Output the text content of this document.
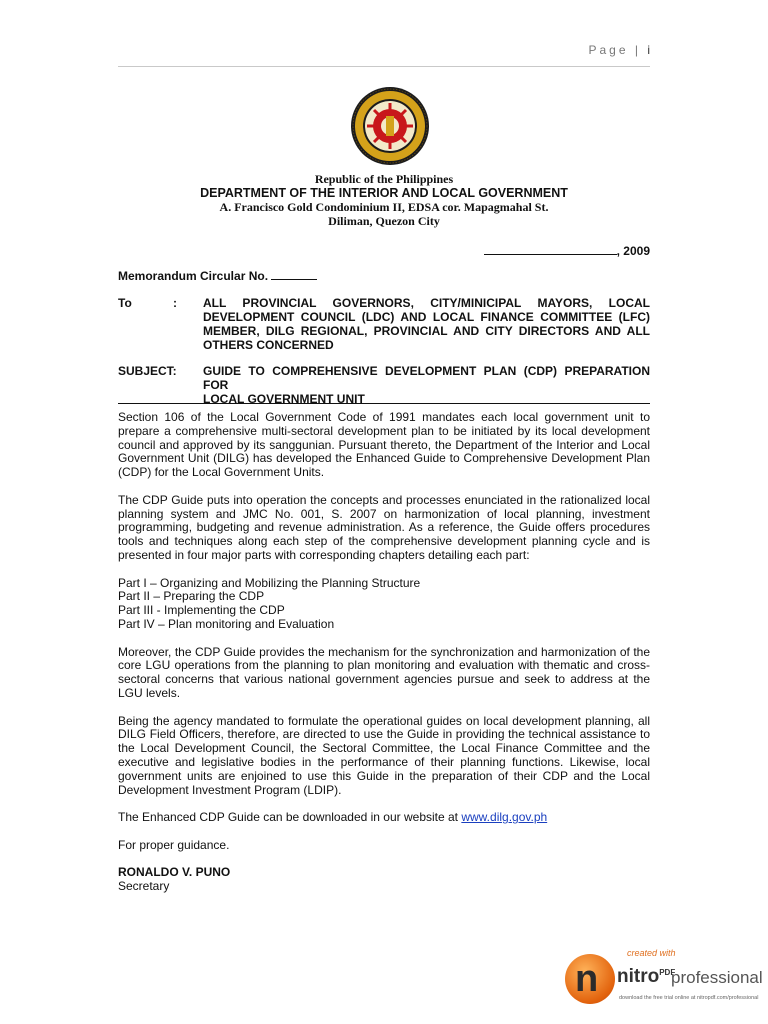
Page | i
Republic of the Philippines
DEPARTMENT OF THE INTERIOR AND LOCAL GOVERNMENT
A. Francisco Gold Condominium II, EDSA cor. Mapagmahal St.
Diliman, Quezon City
, 2009
Memorandum Circular No.
To	: ALL PROVINCIAL GOVERNORS, CITY/MINICIPAL MAYORS, LOCAL
DEVELOPMENT COUNCIL (LDC) AND LOCAL FINANCE COMMITTEE (LFC)
MEMBER, DILG REGIONAL, PROVINCIAL AND CITY DIRECTORS AND ALL
OTHERS CONCERNED
SUBJECT: GUIDE TO COMPREHENSIVE DEVELOPMENT PLAN (CDP) PREPARATION FOR
LOCAL GOVERNMENT UNIT

Section 106 of the Local Government Code of 1991 mandates each local government unit to prepare a comprehensive multi-sectoral development plan to be initiated by its local development council and approved by its sanggunian. Pursuant thereto, the Department of the Interior and Local Government Unit (DILG) has developed the Enhanced Guide to Comprehensive Development Plan (CDP) for the Local Government Units.

The CDP Guide puts into operation the concepts and processes enunciated in the rationalized local planning system and JMC No. 001, S. 2007 on harmonization of local planning, investment programming, budgeting and revenue administration. As a reference, the Guide offers procedures tools and techniques along each step of the comprehensive development planning cycle and is presented in four major parts with corresponding chapters detailing each part:

Part I – Organizing and Mobilizing the Planning Structure
Part II – Preparing the CDP
Part III - Implementing the CDP
Part IV – Plan monitoring and Evaluation

Moreover, the CDP Guide provides the mechanism for the synchronization and harmonization of the core LGU operations from the planning to plan monitoring and evaluation with thematic and cross-sectoral concerns that various national government agencies pursue and seek to address at the LGU levels.

Being the agency mandated to formulate the operational guides on local development planning, all DILG Field Officers, therefore, are directed to use the Guide in providing the technical assistance to the Local Development Council, the Sectoral Committee, the Local Finance Committee and the executive and legislative bodies in the performance of their planning functions. Likewise, local government units are enjoined to use this Guide in the preparation of their CDP and the Local Development Investment Program (LDIP).

The Enhanced CDP Guide can be downloaded in our website at www.dilg.gov.ph

For proper guidance.

RONALDO V. PUNO

Secretary

n
created with
nitro$^{PDF}$
professional
download the free trial online at nitropdf.com/professional
